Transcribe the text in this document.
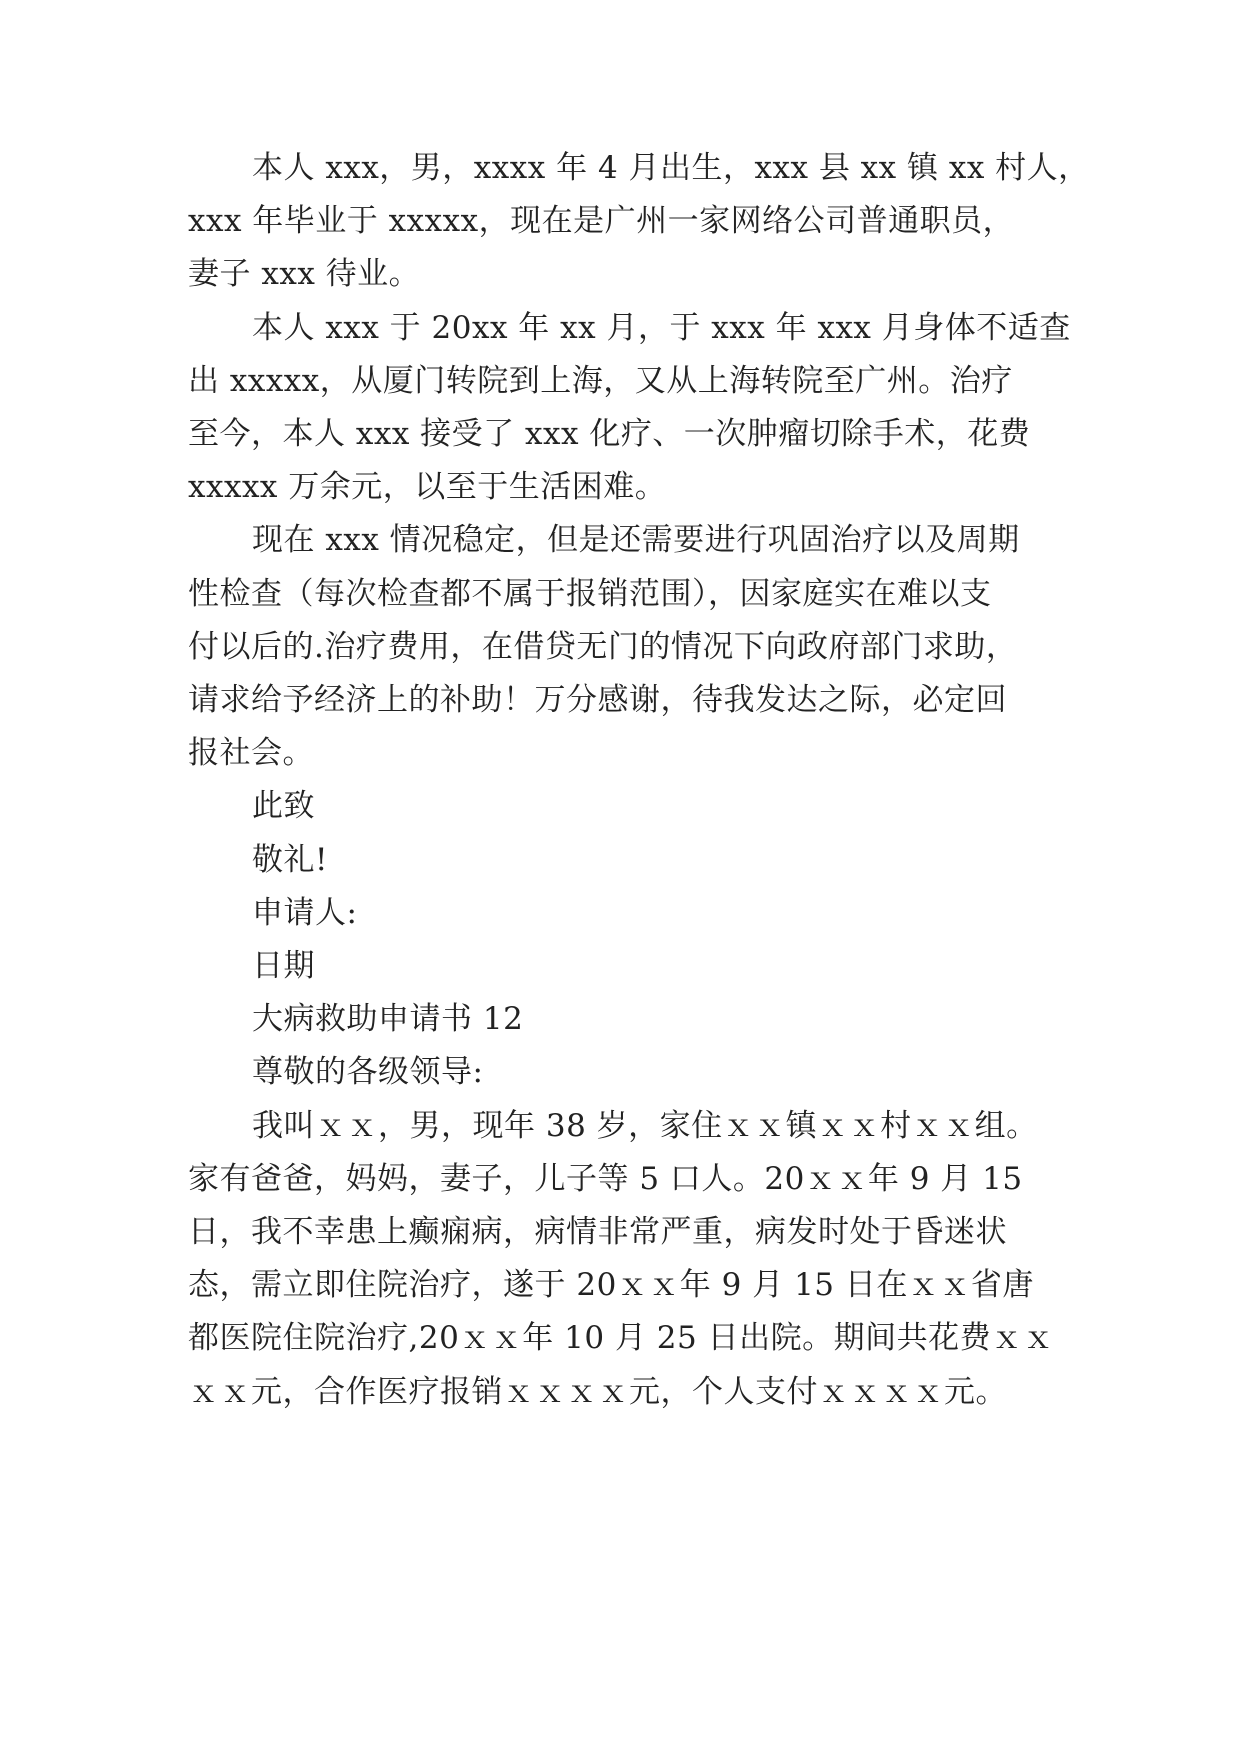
本人 xxx，男，xxxx 年 4 月出生，xxx 县 xx 镇 xx 村人，
xxx 年毕业于 xxxxx，现在是广州一家网络公司普通职员，
妻子 xxx 待业。
本人 xxx 于 20xx 年 xx 月，于 xxx 年 xxx 月身体不适查
出 xxxxx，从厦门转院到上海，又从上海转院至广州。治疗
至今，本人 xxx 接受了 xxx 化疗、一次肿瘤切除手术，花费
xxxxx 万余元，以至于生活困难。
现在 xxx 情况稳定，但是还需要进行巩固治疗以及周期
性检查（每次检查都不属于报销范围），因家庭实在难以支
付以后的.治疗费用，在借贷无门的情况下向政府部门求助，
请求给予经济上的补助！万分感谢，待我发达之际，必定回
报社会。
此致
敬礼!
申请人:
日期
大病救助申请书 12
尊敬的各级领导:
我叫ｘｘ，男，现年 38 岁，家住ｘｘ镇ｘｘ村ｘｘ组。
家有爸爸，妈妈，妻子，儿子等 5 口人。20ｘｘ年 9 月 15
日，我不幸患上癫痫病，病情非常严重，病发时处于昏迷状
态，需立即住院治疗，遂于 20ｘｘ年 9 月 15 日在ｘｘ省唐
都医院住院治疗,20ｘｘ年 10 月 25 日出院。期间共花费ｘｘ
ｘｘ元，合作医疗报销ｘｘｘｘ元，个人支付ｘｘｘｘ元。
